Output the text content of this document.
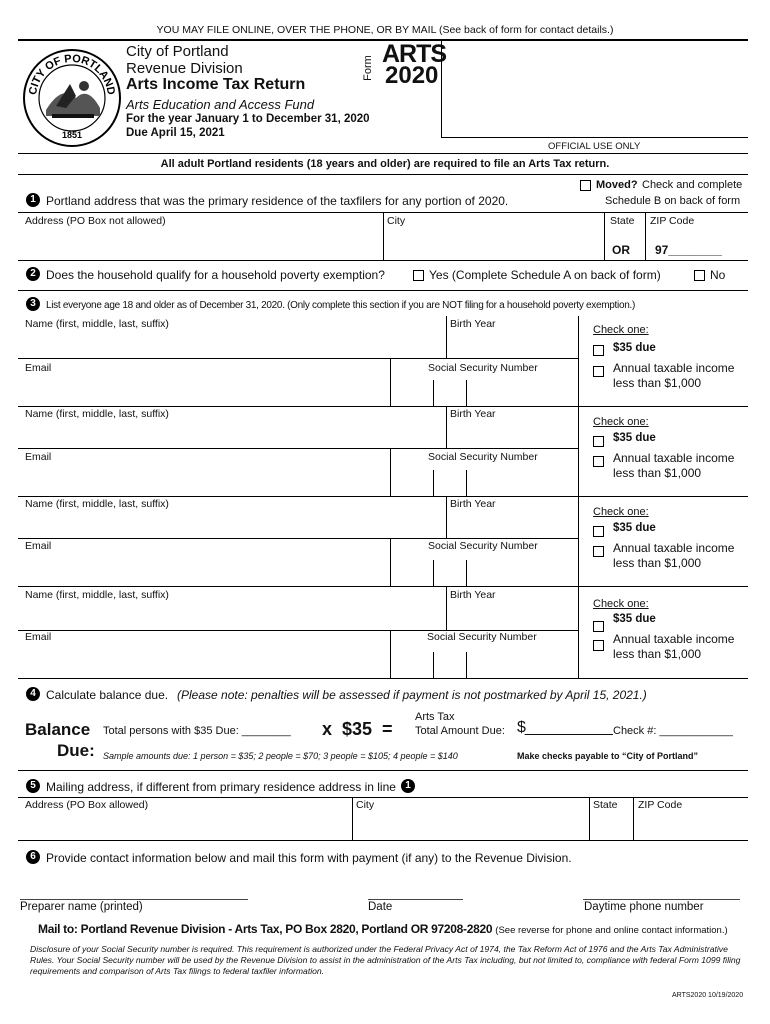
YOU MAY FILE ONLINE, OVER THE PHONE, OR BY MAIL (See back of form for contact details.)
CITY OF PORTLAND
1851
City of Portland
Revenue Division
Arts Income Tax Return
Arts Education and Access Fund
For the year January 1 to December 31, 2020
Due April 15, 2021
Form ARTS
2020
OFFICIAL USE ONLY
All adult Portland residents (18 years and older) are required to file an Arts Tax return.
1 Portland address that was the primary residence of the taxfilers for any portion of 2020.
Moved? Check and complete
Schedule B on back of form
Address (PO Box not allowed)	City	State
OR
ZIP Code
97________
2 Does the household qualify for a household poverty exemption?	Yes (Complete Schedule A on back of form)	No
3	List everyone age 18 and older as of December 31, 2020. (Only complete this section if you are NOT filing for a household poverty exemption.)
Name (first, middle, last, suffix)	Birth Year
Email	Social Security Number
Check one:
$35 due
Annual taxable income
less than $1,000
Name (first, middle, last, suffix)	Birth Year
Email	Social Security Number
Check one:
$35 due
Annual taxable income
less than $1,000
Name (first, middle, last, suffix)	Birth Year
Email	Social Security Number
Check one:
$35 due
Annual taxable income
less than $1,000
Name (first, middle, last, suffix)	Birth Year
Email	Social Security Number
Check one:
$35 due
Annual taxable income
less than $1,000
4 Calculate balance due. (Please note: penalties will be assessed if payment is not postmarked by April 15, 2021.)
Balance
Due:
Total persons with $35 Due: ________ x  $35  =
Arts Tax
Total Amount Due: $___________ Check #: ____________
Sample amounts due: 1 person = $35; 2 people = $70; 3 people = $105; 4 people = $140	Make checks payable to “City of Portland”
5 Mailing address, if different from primary residence address in line 1
Address (PO Box allowed)	City	State ZIP Code
6 Provide contact information below and mail this form with payment (if any) to the Revenue Division.
Preparer name (printed)	Date	Daytime phone number
Mail to: Portland Revenue Division - Arts Tax, PO Box 2820, Portland OR 97208-2820 (See reverse for phone and online contact information.)
Disclosure of your Social Security number is required. This requirement is authorized under the Federal Privacy Act of 1974, the Tax Reform Act of 1976 and the Arts Tax Administrative Rules. Your Social Security number will be used by the Revenue Division to assist in the administration of the Arts Tax including, but not limited to, compliance with federal Form 1099 filing requirements and comparison of Arts Tax filings to federal taxfiler information.
ARTS2020 10/19/2020
